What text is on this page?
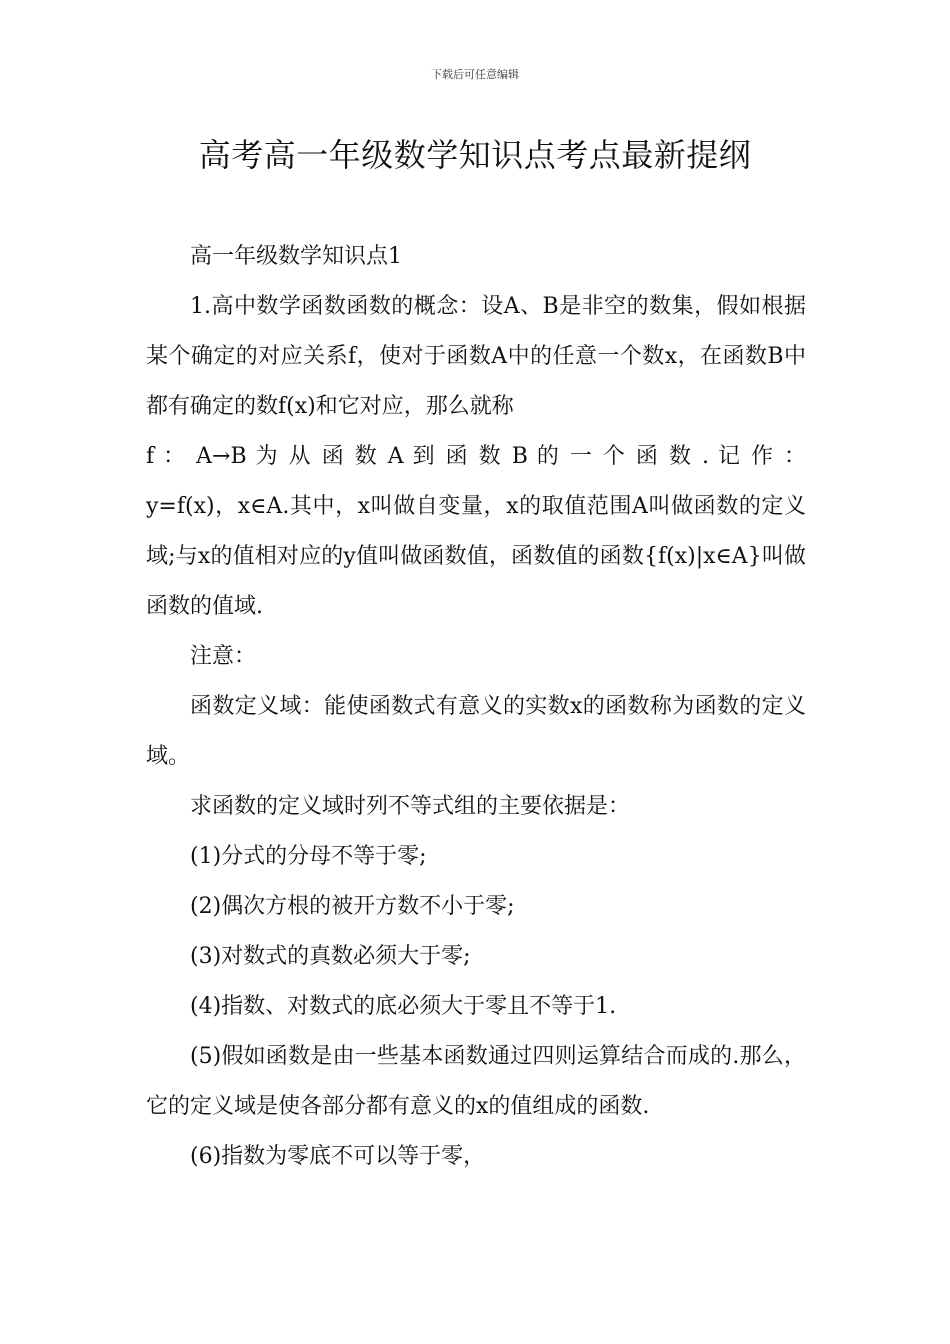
下载后可任意编辑
高考高一年级数学知识点考点最新提纲

高一年级数学知识点1

1.高中数学函数函数的概念：设A、B是非空的数集，假如根据某个确定的对应关系f，使对于函数A中的任意一个数x，在函数B中都有确定的数f(x)和它对应，那么就称

f ： A→B 为 从 函 数 A 到 函 数 B 的 一 个 函 数 . 记 作 ：

y=f(x)，x∈A.其中，x叫做自变量，x的取值范围A叫做函数的定义域;与x的值相对应的y值叫做函数值，函数值的函数{f(x)|x∈A}叫做函数的值域.

注意：

函数定义域：能使函数式有意义的实数x的函数称为函数的定义域。

求函数的定义域时列不等式组的主要依据是：

(1)分式的分母不等于零;

(2)偶次方根的被开方数不小于零;

(3)对数式的真数必须大于零;

(4)指数、对数式的底必须大于零且不等于1.

(5)假如函数是由一些基本函数通过四则运算结合而成的.那么，它的定义域是使各部分都有意义的x的值组成的函数.

(6)指数为零底不可以等于零，
